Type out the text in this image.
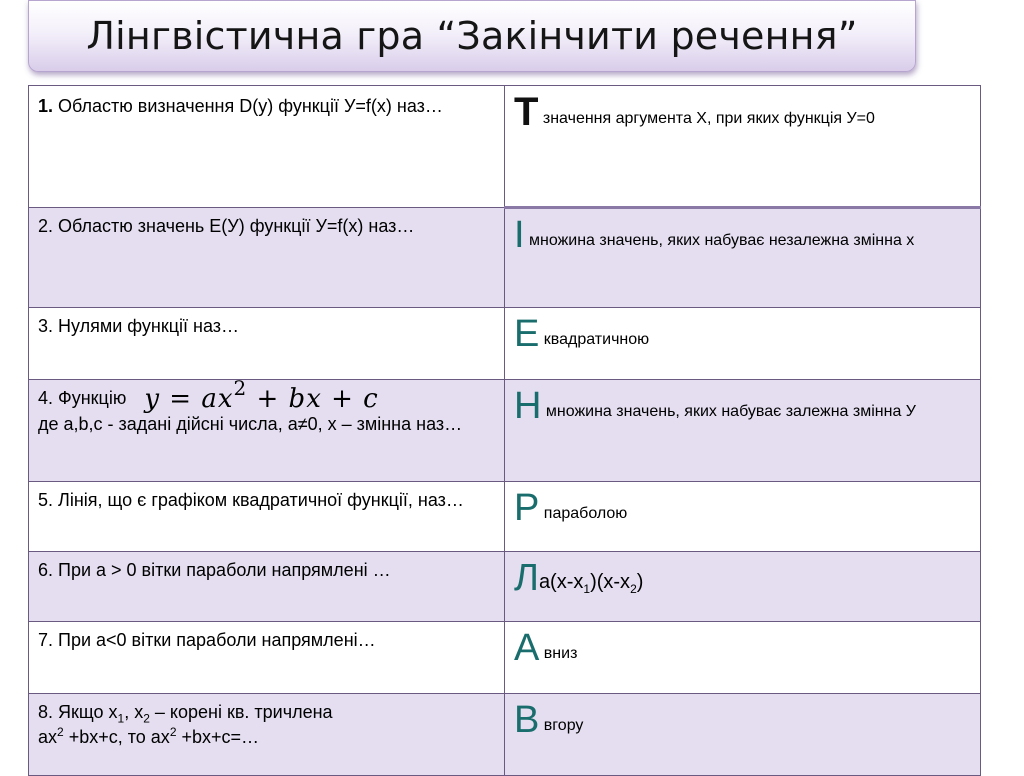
Лінгвістична гра “Закінчити речення”
1. Областю визначення D(y) функції У=f(x) наз…	Т значення аргумента Х, при яких функція У=0
2. Областю значень Е(У) функції У=f(x) наз…	І множина значень, яких набуває незалежна змінна х
3. Нулями функції наз…	Е квадратичною
4. Функцію $y = ax^2$ + bx + c
де а,b,с - задані дійсні числа, а≠0, х – змінна наз…	Н множина значень, яких набуває залежна змінна У
5. Лінія, що є графіком квадратичної функції, наз…	Р параболою
6. При а > 0 вітки параболи напрямлені …	$Ла(х-х_1)(х-х_2)$
7. При а<0 вітки параболи напрямлені…	А вниз
8. Якщо $х_1$, $х_2$ – корені кв. тричлена
$ах^2 +bх+с$, то $ах^2$ +bх+с=…	В вгору
